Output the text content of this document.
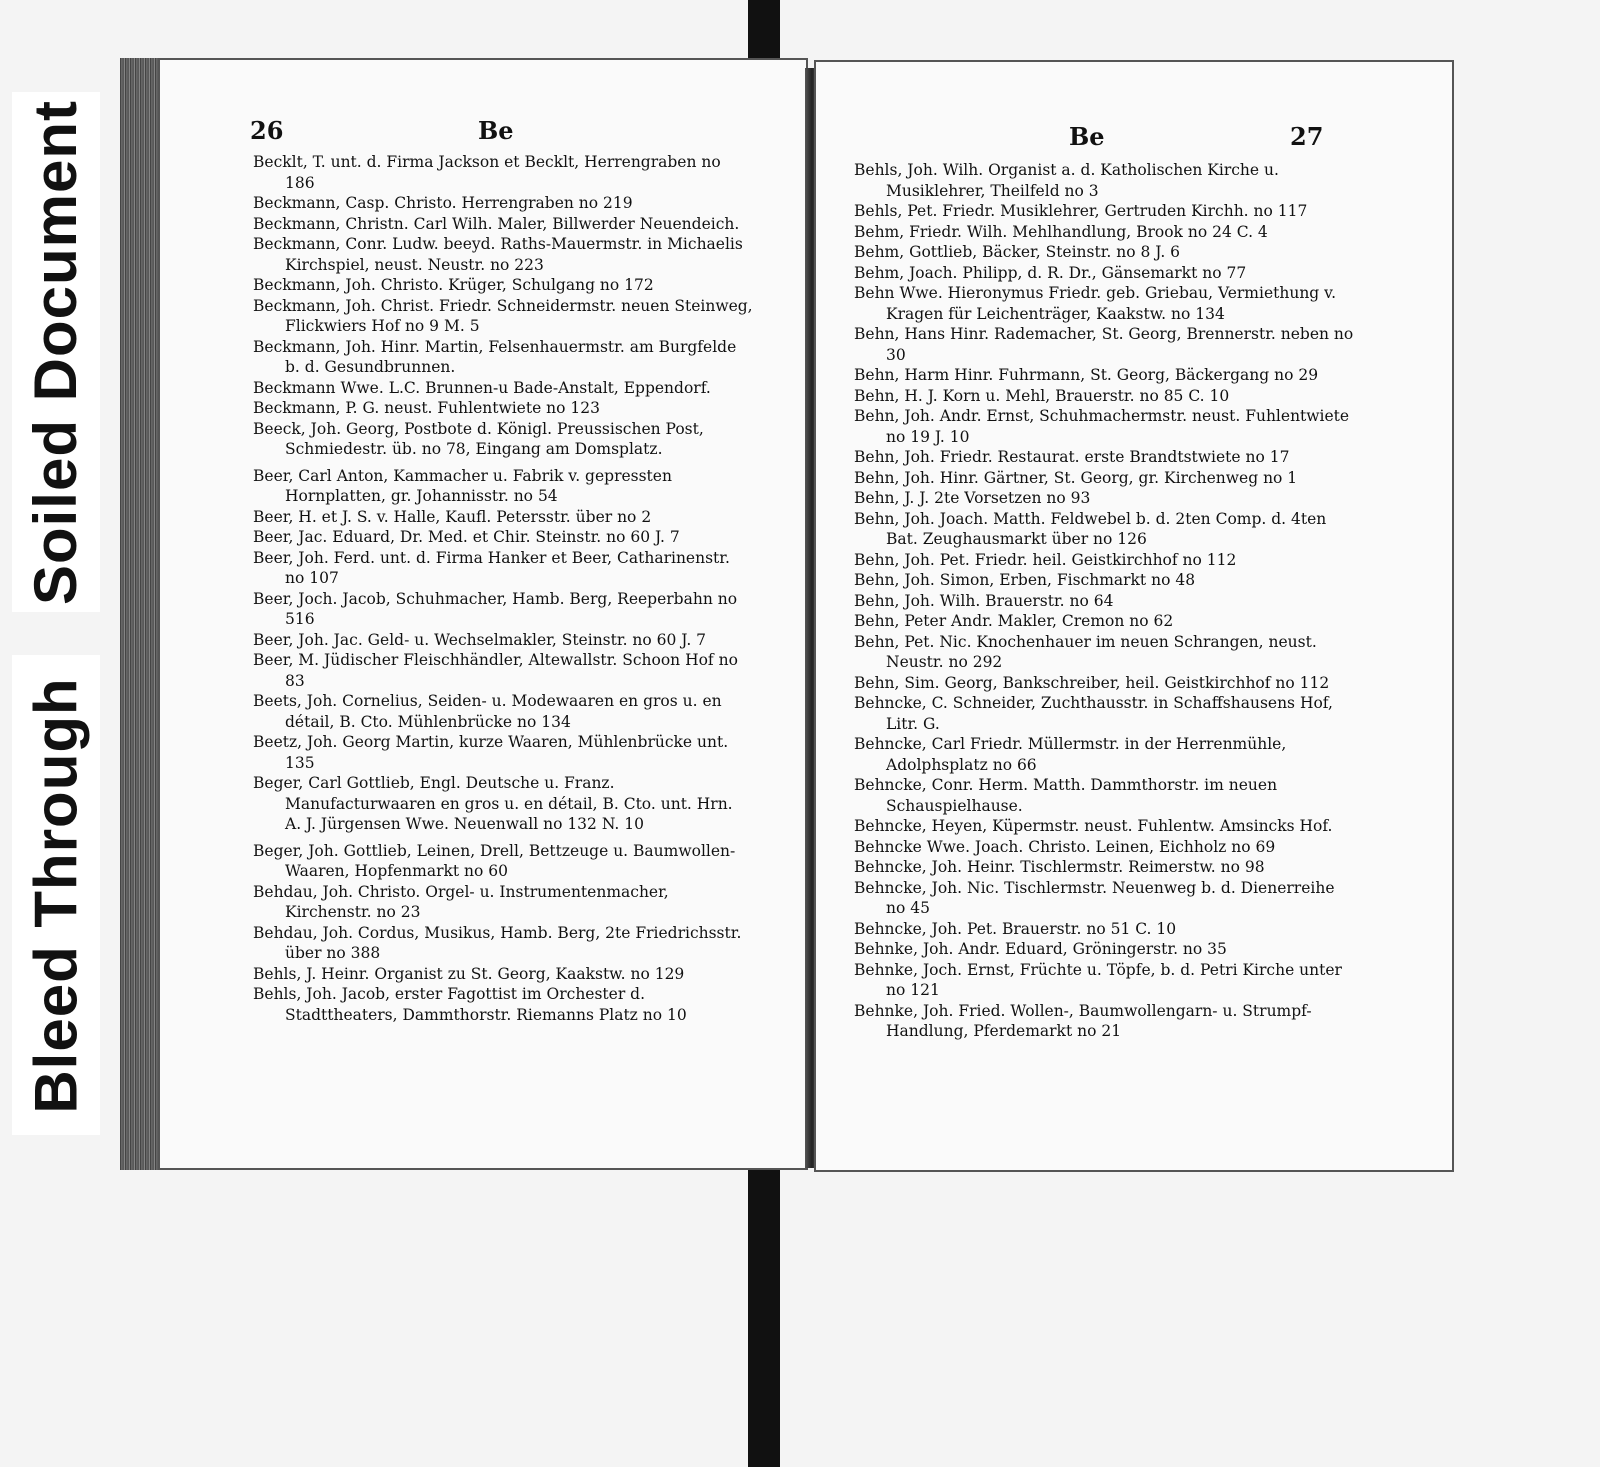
Soiled Document
Bleed Through
26	Be
Becklt, T. unt. d. Firma Jackson et Becklt, Herrengraben no 186
Beckmann, Casp. Christo. Herrengraben no 219
Beckmann, Christn. Carl Wilh. Maler, Billwerder Neuendeich.
Beckmann, Conr. Ludw. beeyd. Raths-Mauermstr. in Michaelis Kirchspiel, neust. Neustr. no 223
Beckmann, Joh. Christo. Krüger, Schulgang no 172
Beckmann, Joh. Christ. Friedr. Schneidermstr. neuen Steinweg, Flickwiers Hof no 9 M. 5
Beckmann, Joh. Hinr. Martin, Felsenhauermstr. am Burgfelde b. d. Gesundbrunnen.
Beckmann Wwe. L.C. Brunnen-u Bade-Anstalt, Eppendorf.
Beckmann, P. G. neust. Fuhlentwiete no 123
Beeck, Joh. Georg, Postbote d. Königl. Preussischen Post, Schmiedestr. üb. no 78, Eingang am Domsplatz.
Beer, Carl Anton, Kammacher u. Fabrik v. gepressten Hornplatten, gr. Johannisstr. no 54
Beer, H. et J. S. v. Halle, Kaufl. Petersstr. über no 2
Beer, Jac. Eduard, Dr. Med. et Chir. Steinstr. no 60 J. 7
Beer, Joh. Ferd. unt. d. Firma Hanker et Beer, Catharinenstr. no 107
Beer, Joch. Jacob, Schuhmacher, Hamb. Berg, Reeperbahn no 516
Beer, Joh. Jac. Geld- u. Wechselmakler, Steinstr. no 60 J. 7
Beer, M. Jüdischer Fleischhändler, Altewallstr. Schoon Hof no 83
Beets, Joh. Cornelius, Seiden- u. Modewaaren en gros u. en détail, B. Cto. Mühlenbrücke no 134
Beetz, Joh. Georg Martin, kurze Waaren, Mühlenbrücke unt. 135
Beger, Carl Gottlieb, Engl. Deutsche u. Franz. Manufacturwaaren en gros u. en détail, B. Cto. unt. Hrn. A. J. Jürgensen Wwe. Neuenwall no 132 N. 10
Beger, Joh. Gottlieb, Leinen, Drell, Bettzeuge u. Baumwollen-Waaren, Hopfenmarkt no 60
Behdau, Joh. Christo. Orgel- u. Instrumentenmacher, Kirchenstr. no 23
Behdau, Joh. Cordus, Musikus, Hamb. Berg, 2te Friedrichsstr. über no 388
Behls, J. Heinr. Organist zu St. Georg, Kaakstw. no 129
Behls, Joh. Jacob, erster Fagottist im Orchester d. Stadttheaters, Dammthorstr. Riemanns Platz no 10
Be	27
Behls, Joh. Wilh. Organist a. d. Katholischen Kirche u. Musiklehrer, Theilfeld no 3
Behls, Pet. Friedr. Musiklehrer, Gertruden Kirchh. no 117
Behm, Friedr. Wilh. Mehlhandlung, Brook no 24 C. 4
Behm, Gottlieb, Bäcker, Steinstr. no 8 J. 6
Behm, Joach. Philipp, d. R. Dr., Gänsemarkt no 77
Behn Wwe. Hieronymus Friedr. geb. Griebau, Vermiethung v. Kragen für Leichenträger, Kaakstw. no 134
Behn, Hans Hinr. Rademacher, St. Georg, Brennerstr. neben no 30
Behn, Harm Hinr. Fuhrmann, St. Georg, Bäckergang no 29
Behn, H. J. Korn u. Mehl, Brauerstr. no 85 C. 10
Behn, Joh. Andr. Ernst, Schuhmachermstr. neust. Fuhlentwiete no 19 J. 10
Behn, Joh. Friedr. Restaurat. erste Brandtstwiete no 17
Behn, Joh. Hinr. Gärtner, St. Georg, gr. Kirchenweg no 1
Behn, J. J. 2te Vorsetzen no 93
Behn, Joh. Joach. Matth. Feldwebel b. d. 2ten Comp. d. 4ten Bat. Zeughausmarkt über no 126
Behn, Joh. Pet. Friedr. heil. Geistkirchhof no 112
Behn, Joh. Simon, Erben, Fischmarkt no 48
Behn, Joh. Wilh. Brauerstr. no 64
Behn, Peter Andr. Makler, Cremon no 62
Behn, Pet. Nic. Knochenhauer im neuen Schrangen, neust. Neustr. no 292
Behn, Sim. Georg, Bankschreiber, heil. Geistkirchhof no 112
Behncke, C. Schneider, Zuchthausstr. in Schaffshausens Hof, Litr. G.
Behncke, Carl Friedr. Müllermstr. in der Herrenmühle, Adolphsplatz no 66
Behncke, Conr. Herm. Matth. Dammthorstr. im neuen Schauspielhause.
Behncke, Heyen, Küpermstr. neust. Fuhlentw. Amsincks Hof.
Behncke Wwe. Joach. Christo. Leinen, Eichholz no 69
Behncke, Joh. Heinr. Tischlermstr. Reimerstw. no 98
Behncke, Joh. Nic. Tischlermstr. Neuenweg b. d. Dienerreihe no 45
Behncke, Joh. Pet. Brauerstr. no 51 C. 10
Behnke, Joh. Andr. Eduard, Gröningerstr. no 35
Behnke, Joch. Ernst, Früchte u. Töpfe, b. d. Petri Kirche unter no 121
Behnke, Joh. Fried. Wollen-, Baumwollengarn- u. Strumpf-Handlung, Pferdemarkt no 21
